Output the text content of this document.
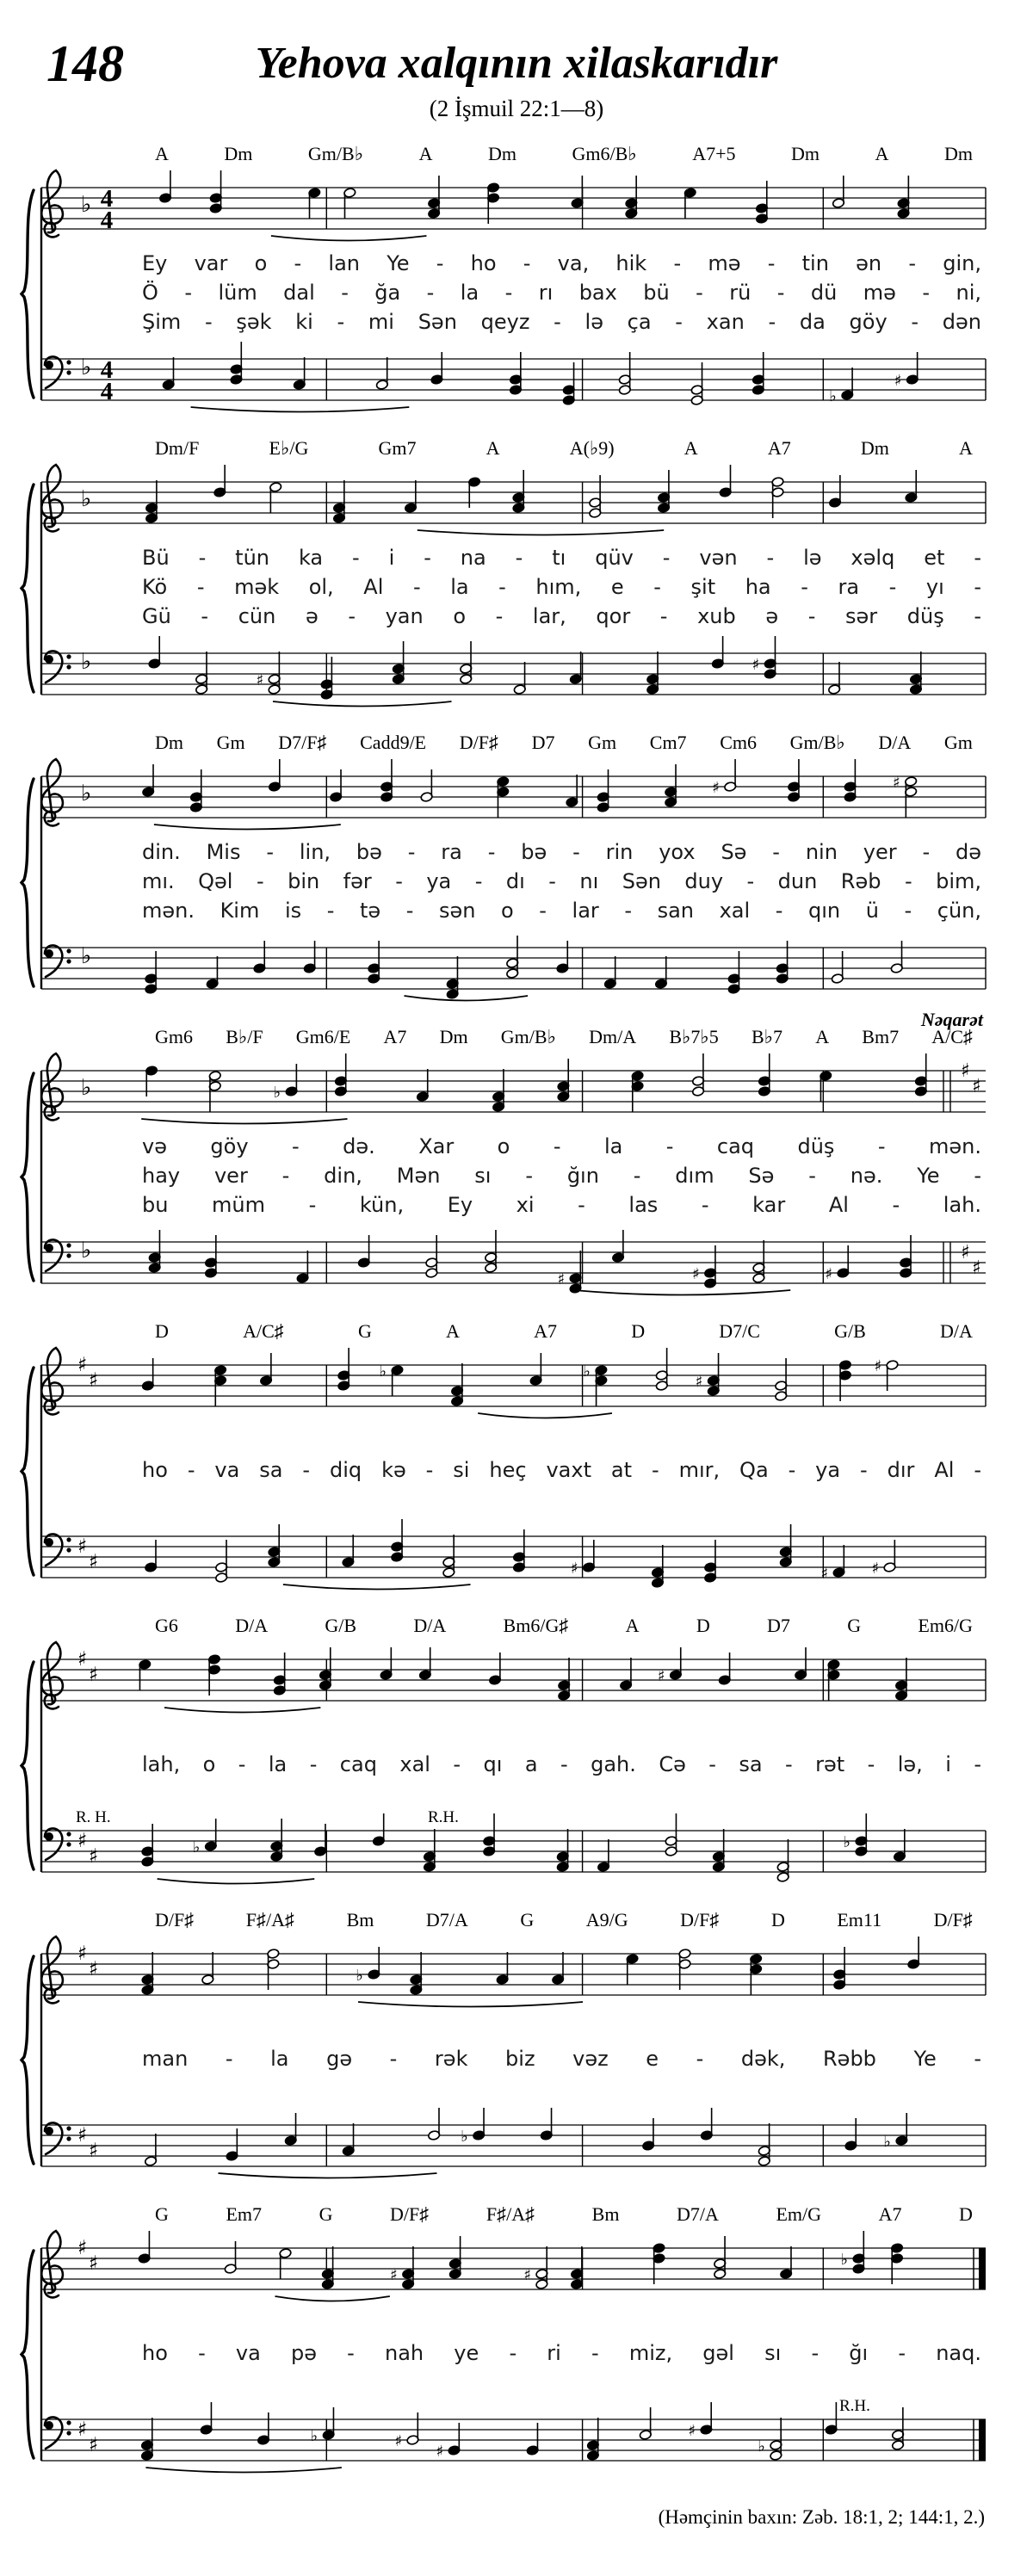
148	Yehova xalqının xilaskarıdır
(2 İşmuil 22:1—8)
A	Dm	Gm/B♭	A	Dm	Gm6/B♭	A7+5	Dm	A	Dm
♭ 4
4
Ey var o - lan Ye - ho - va, hik - mə - tin ən - gin,
Ö - lüm dal - ğa - la - rı bax bü - rü - dü mə - ni,
Şim - şək ki - mi Sən qeyz - lə ça - xan - da göy - dən
♭ 4
4	♭
♯
Dm/F	E♭/G	Gm7	A	A(♭9)	A	A7	Dm	A
♭
Bü - tün ka - i - na - tı qüv - vən - lə xəlq et -
Kö - mək ol, Al - la - hım, e - şit ha - ra - yı -
Gü - cün ə - yan o - lar, qor - xub ə - sər düş -
♭
♯
♯
Dm Gm D7/F♯ Cadd9/E D/F♯ D7 Gm Cm7 Cm6 Gm/B♭ D/A Gm
♭	♯	♯
din. Mis - lin, bə - ra - bə - rin yox Sə - nin yer - də
mı. Qəl - bin fər - ya - dı - nı Sən duy - dun Rəb - bim,
mən. Kim is - tə - sən o - lar - san xal - qın ü - çün,
♭
Nəqarət
Gm6 B♭/F Gm6/E A7 Dm Gm/B♭ Dm/A B♭7♭5 B♭7 A Bm7 A/C♯
♯
♯
♭	♭
və göy - də. Xar o - la - caq düş - mən.
hay ver - din, Mən sı - ğın - dım Sə - nə. Ye -
bu müm - kün, Ey xi - las - kar Al - lah.
♯
♯
♭
♯	♯	♯
D	A/C♯	G	A	A7	D	D7/C	G/B	D/A
♯
♯	♭	♭
♯
♯
ho - va sa - diq kə - si heç vaxt at - mır, Qa - ya - dır Al -
♯
♯	♯	♯	♯
G6	D/A	G/B	D/A	Bm6/G♯	A	D	D7	G	Em6/G
♯
♯	♯
lah, o - la - caq xal - qı a - gah. Cə - sa - rət - lə, i -
♯
♯	♭	♭
R. H.	R.H.
D/F♯	F♯/A♯	Bm	D7/A	G	A9/G	D/F♯	D	Em11	D/F♯
♯
♯	♭
man - la gə - rək biz vəz e - dək, Rəbb Ye -
♯
♯
♭	♭
G	Em7	G	D/F♯	F♯/A♯	Bm	D7/A	Em/G	A7	D
♯
♯
♯	♯
♭
ho - va pə - nah ye - ri - miz, gəl sı - ğı - naq.
♯
♯	♭	♯
♯
♯
♭
R.H.
(Həmçinin baxın: Zəb. 18:1, 2; 144:1, 2.)
